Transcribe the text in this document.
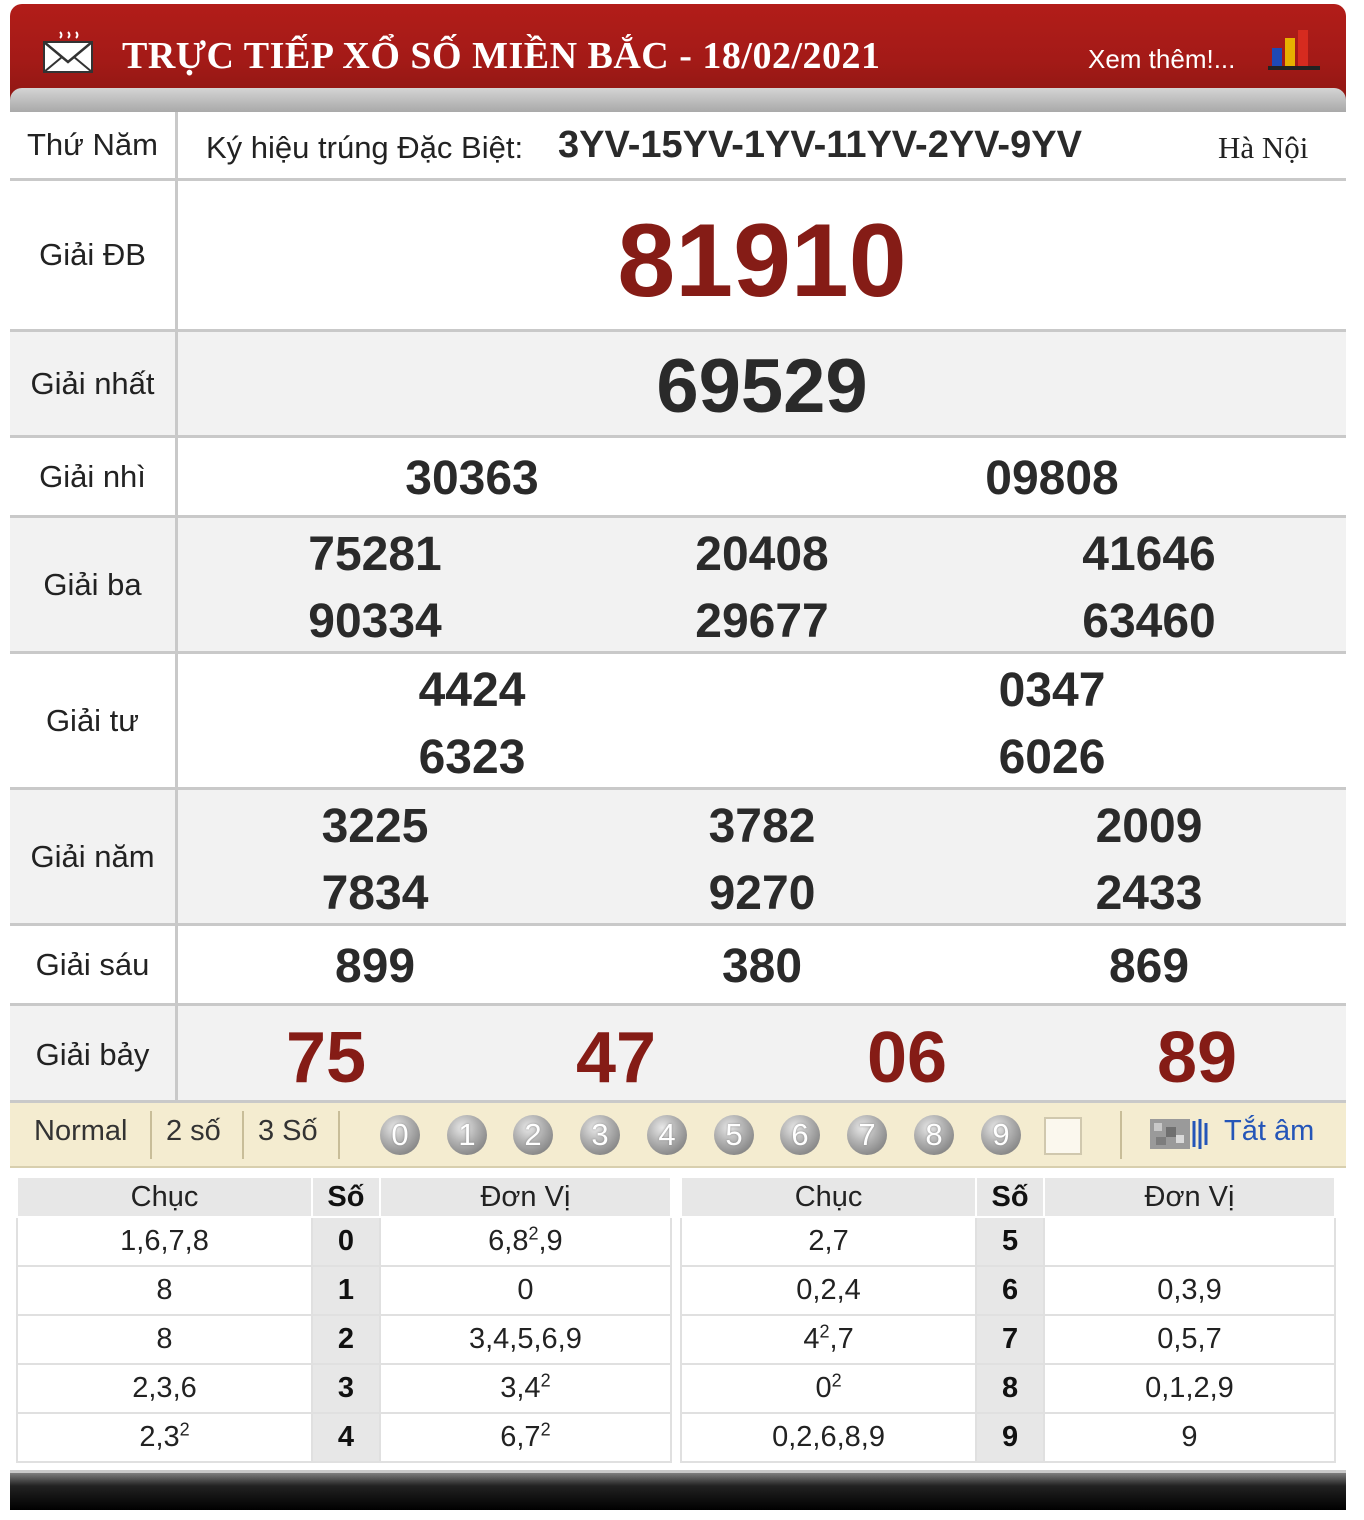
TRỰC TIẾP XỔ SỐ MIỀN BẮC - 18/02/2021	Xem thêm!...
Thứ Năm	Ký hiệu trúng Đặc Biệt: 3YV-15YV-1YV-11YV-2YV-9YV	Hà Nội
Giải ĐB	81910
Giải nhất	69529
Giải nhì	30363	09808
Giải ba
75281	20408	41646
90334	29677	63460
Giải tư
4424	0347
6323	6026
Giải năm
3225	3782	2009
7834	9270	2433
Giải sáu	899	380	869
Giải bảy	75	47	06	89
Normal 2 số 3 Số	0	1	2	3	4	5	6	7	8	9	Tắt âm
Chục	Số	Đơn Vị
1,6,7,8	0	$6,8^2,9$
8	1	0
8	2	3,4,5,6,9
2,3,6	3	$3,4^2$
$2,3^2$	4	$6,7^2$
Chục	Số	Đơn Vị
2,7	5	
0,2,4	6	0,3,9
$4^2,7$	7	0,5,7
$0^2$	8	0,1,2,9
0,2,6,8,9	9	9
